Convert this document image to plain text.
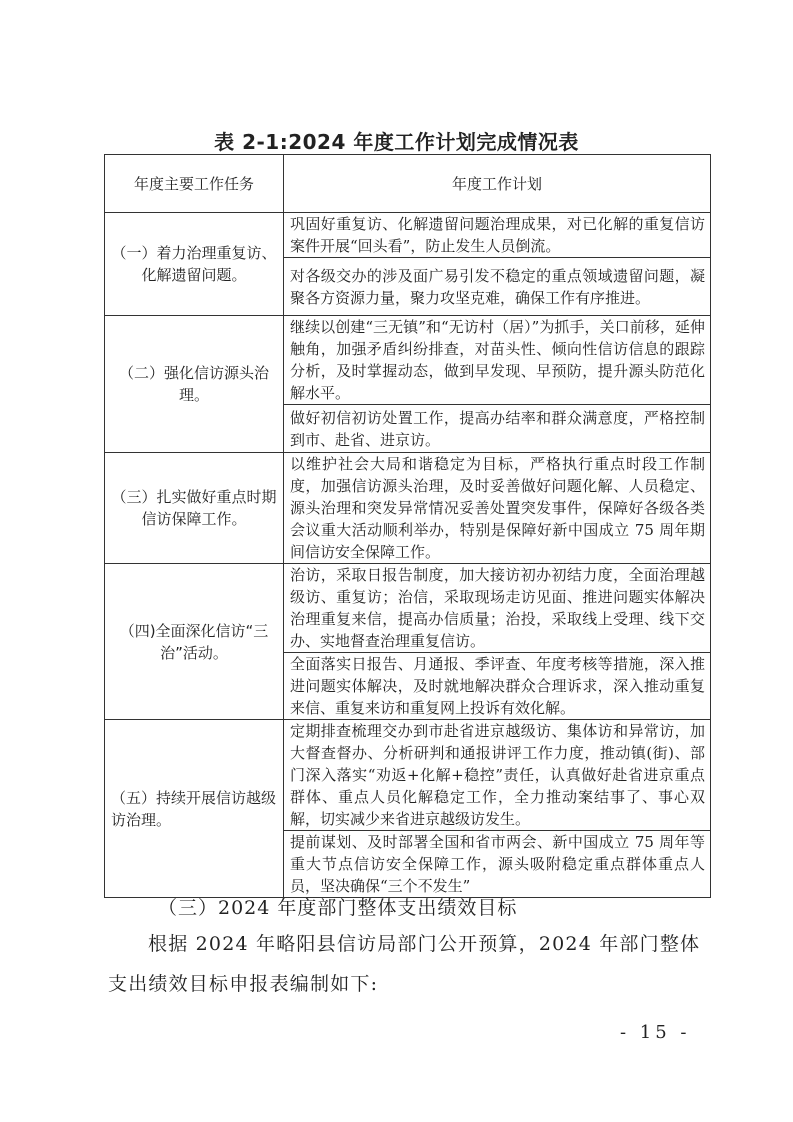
表 2-1:2024 年度工作计划完成情况表
年度主要工作任务	年度工作计划
（一）着力治理重复访、化解遗留问题。	巩固好重复访、化解遗留问题治理成果，对已化解的重复信访案件开展“回头看”，防止发生人员倒流。
	对各级交办的涉及面广易引发不稳定的重点领域遗留问题，凝聚各方资源力量，聚力攻坚克难，确保工作有序推进。
（二）强化信访源头治理。	继续以创建“三无镇”和“无访村（居）”为抓手，关口前移，延伸触角，加强矛盾纠纷排查，对苗头性、倾向性信访信息的跟踪分析，及时掌握动态，做到早发现、早预防，提升源头防范化解水平。
	做好初信初访处置工作，提高办结率和群众满意度，严格控制到市、赴省、进京访。
（三）扎实做好重点时期信访保障工作。	以维护社会大局和谐稳定为目标，严格执行重点时段工作制度，加强信访源头治理，及时妥善做好问题化解、人员稳定、源头治理和突发异常情况妥善处置突发事件，保障好各级各类会议重大活动顺利举办，特别是保障好新中国成立 75 周年期间信访安全保障工作。
（四)全面深化信访“三治”活动。	治访，采取日报告制度，加大接访初办初结力度，全面治理越级访、重复访；治信，采取现场走访见面、推进问题实体解决治理重复来信，提高办信质量；治投，采取线上受理、线下交办、实地督查治理重复信访。
	全面落实日报告、月通报、季评查、年度考核等措施，深入推进问题实体解决，及时就地解决群众合理诉求，深入推动重复来信、重复来访和重复网上投诉有效化解。
（五）持续开展信访越级访治理。	定期排查梳理交办到市赴省进京越级访、集体访和异常访，加大督查督办、分析研判和通报讲评工作力度，推动镇(街)、部门深入落实“劝返+化解+稳控”责任，认真做好赴省进京重点群体、重点人员化解稳定工作，全力推动案结事了、事心双解，切实减少来省进京越级访发生。
	提前谋划、及时部署全国和省市两会、新中国成立 75 周年等重大节点信访安全保障工作，源头吸附稳定重点群体重点人员，坚决确保“三个不发生”
（三）2024 年度部门整体支出绩效目标
根据 2024 年略阳县信访局部门公开预算，2024 年部门整体支出绩效目标申报表编制如下:
- 15 -
